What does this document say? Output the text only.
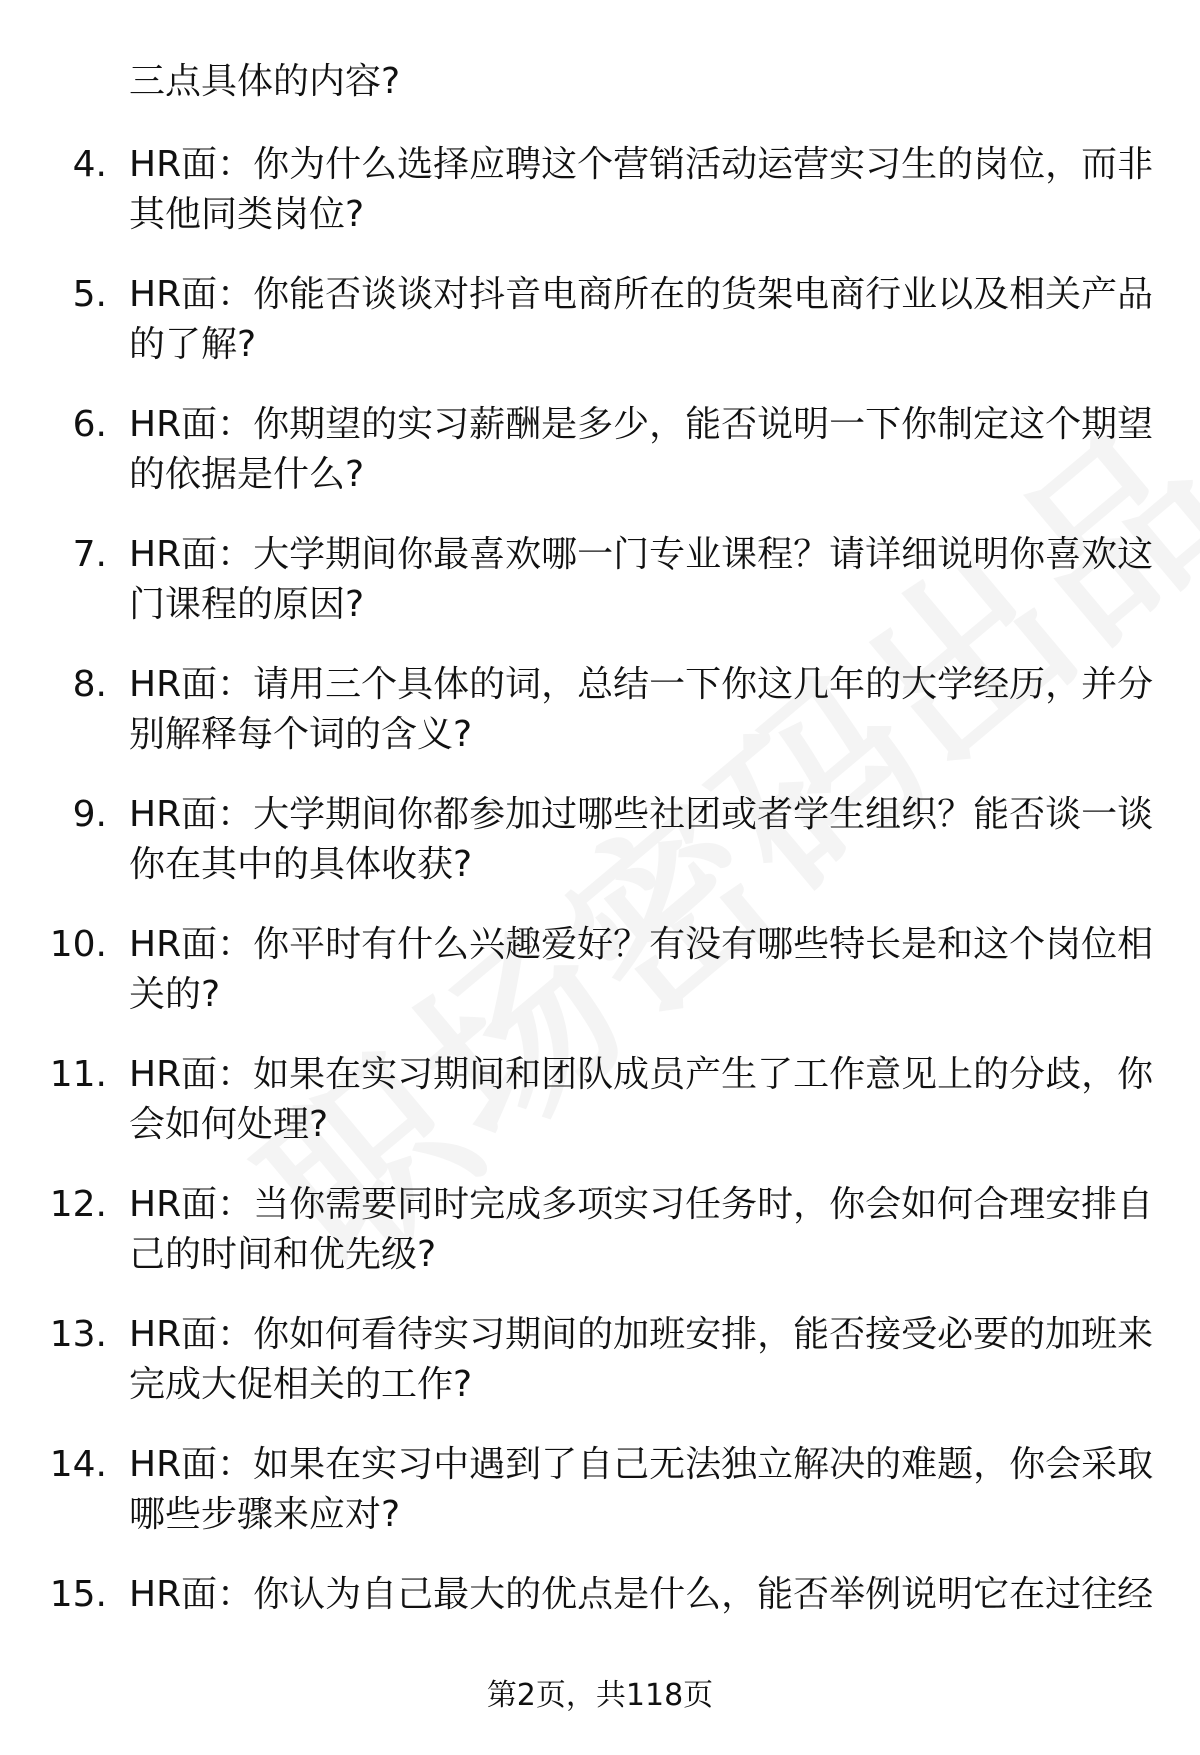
三点具体的内容?
4. HR面：你为什么选择应聘这个营销活动运营实习生的岗位，而非其他同类岗位?
5. HR面：你能否谈谈对抖音电商所在的货架电商行业以及相关产品的了解?
6. HR面：你期望的实习薪酬是多少，能否说明一下你制定这个期望的依据是什么?
7. HR面：大学期间你最喜欢哪一门专业课程？请详细说明你喜欢这门课程的原因?
8. HR面：请用三个具体的词，总结一下你这几年的大学经历，并分别解释每个词的含义?
9. HR面：大学期间你都参加过哪些社团或者学生组织？能否谈一谈你在其中的具体收获?
10. HR面：你平时有什么兴趣爱好？有没有哪些特长是和这个岗位相关的?
11. HR面：如果在实习期间和团队成员产生了工作意见上的分歧，你会如何处理?
12. HR面：当你需要同时完成多项实习任务时，你会如何合理安排自己的时间和优先级?
13. HR面：你如何看待实习期间的加班安排，能否接受必要的加班来完成大促相关的工作?
14. HR面：如果在实习中遇到了自己无法独立解决的难题，你会采取哪些步骤来应对?
15. HR面：你认为自己最大的优点是什么，能否举例说明它在过往经
第2页，共118页
